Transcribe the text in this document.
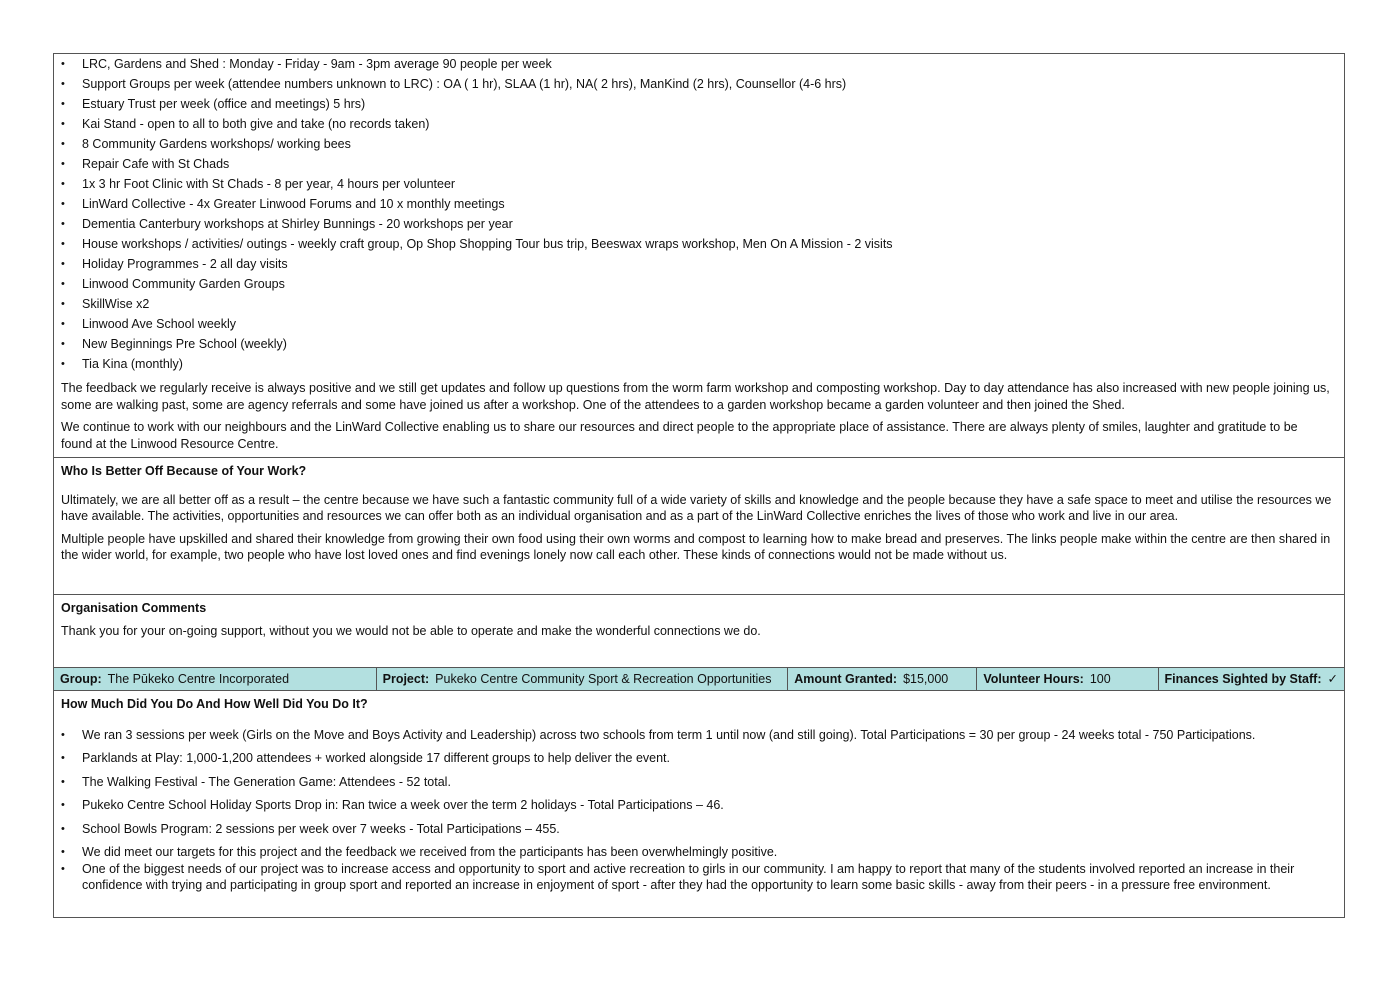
• LRC, Gardens and Shed : Monday - Friday - 9am - 3pm average 90 people per week
• Support Groups per week (attendee numbers unknown to LRC) : OA ( 1 hr), SLAA (1 hr), NA( 2 hrs), ManKind (2 hrs), Counsellor (4-6 hrs)
• Estuary Trust per week (office and meetings) 5 hrs)
• Kai Stand - open to all to both give and take (no records taken)
• 8 Community Gardens workshops/ working bees
• Repair Cafe with St Chads
• 1x 3 hr Foot Clinic with St Chads - 8 per year, 4 hours per volunteer
• LinWard Collective - 4x Greater Linwood Forums and 10 x monthly meetings
• Dementia Canterbury workshops at Shirley Bunnings - 20 workshops per year
• House workshops / activities/ outings - weekly craft group, Op Shop Shopping Tour bus trip, Beeswax wraps workshop, Men On A Mission - 2 visits
• Holiday Programmes - 2 all day visits
• Linwood Community Garden Groups
• SkillWise x2
• Linwood Ave School weekly
• New Beginnings Pre School (weekly)
• Tia Kina (monthly)

The feedback we regularly receive is always positive and we still get updates and follow up questions from the worm farm workshop and composting workshop. Day to day attendance has also increased with new people joining us, some are walking past, some are agency referrals and some have joined us after a workshop. One of the attendees to a garden workshop became a garden volunteer and then joined the Shed.

We continue to work with our neighbours and the LinWard Collective enabling us to share our resources and direct people to the appropriate place of assistance. There are always plenty of smiles, laughter and gratitude to be found at the Linwood Resource Centre.

Who Is Better Off Because of Your Work?

Ultimately, we are all better off as a result – the centre because we have such a fantastic community full of a wide variety of skills and knowledge and the people because they have a safe space to meet and utilise the resources we have available. The activities, opportunities and resources we can offer both as an individual organisation and as a part of the LinWard Collective enriches the lives of those who work and live in our area.

Multiple people have upskilled and shared their knowledge from growing their own food using their own worms and compost to learning how to make bread and preserves. The links people make within the centre are then shared in the wider world, for example, two people who have lost loved ones and find evenings lonely now call each other. These kinds of connections would not be made without us.

Organisation Comments

Thank you for your on-going support, without you we would not be able to operate and make the wonderful connections we do.

Group: The Pūkeko Centre Incorporated	Project: Pukeko Centre Community Sport & Recreation Opportunities	Amount Granted: $15,000	Volunteer Hours: 100	Finances Sighted by Staff: ✓

How Much Did You Do And How Well Did You Do It?

• We ran 3 sessions per week (Girls on the Move and Boys Activity and Leadership) across two schools from term 1 until now (and still going). Total Participations = 30 per group - 24 weeks total - 750 Participations.
• Parklands at Play: 1,000-1,200 attendees + worked alongside 17 different groups to help deliver the event.
• The Walking Festival - The Generation Game: Attendees - 52 total.
• Pukeko Centre School Holiday Sports Drop in: Ran twice a week over the term 2 holidays - Total Participations – 46.
• School Bowls Program: 2 sessions per week over 7 weeks - Total Participations – 455.
• We did meet our targets for this project and the feedback we received from the participants has been overwhelmingly positive.
• One of the biggest needs of our project was to increase access and opportunity to sport and active recreation to girls in our community. I am happy to report that many of the students involved reported an increase in their confidence with trying and participating in group sport and reported an increase in enjoyment of sport - after they had the opportunity to learn some basic skills - away from their peers - in a pressure free environment.
